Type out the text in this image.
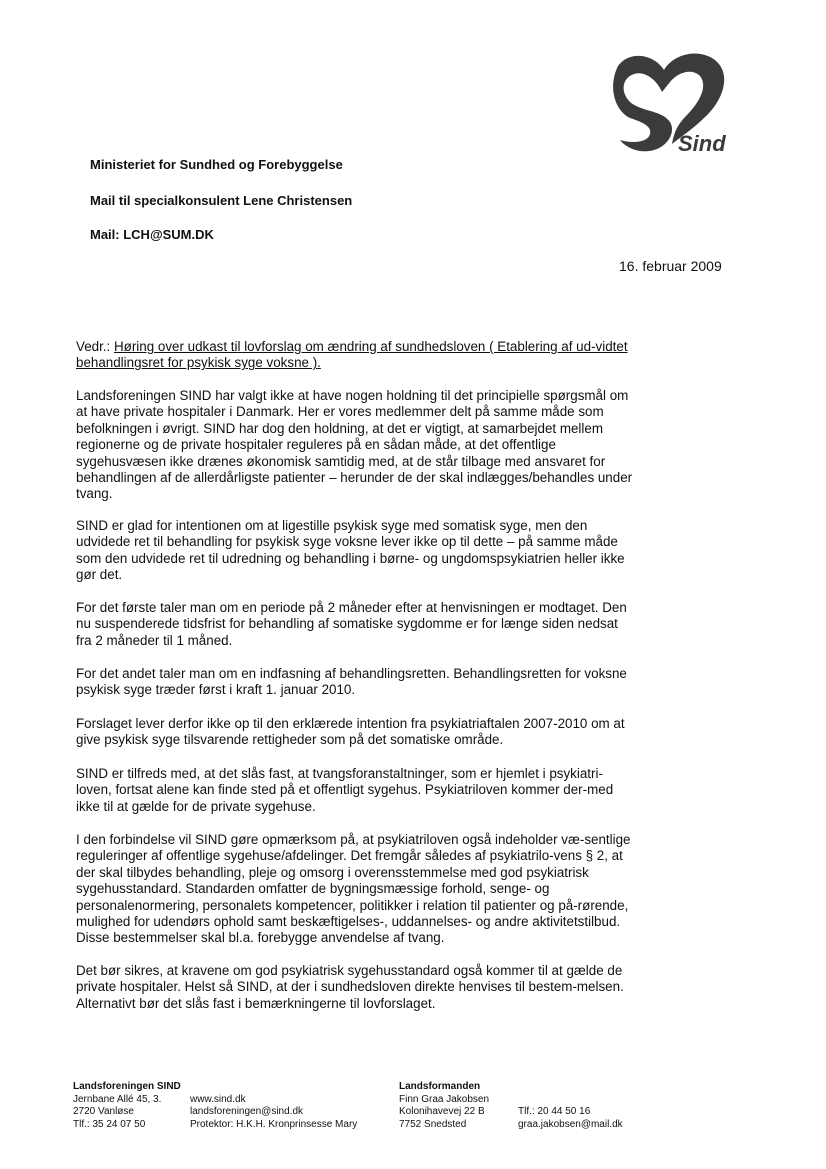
Sind
Ministeriet for Sundhed og Forebyggelse
Mail til specialkonsulent Lene Christensen
Mail: LCH@SUM.DK
16. februar 2009
Vedr.: Høring over udkast til lovforslag om ændring af sundhedsloven ( Etablering af ud-vidtet behandlingsret for psykisk syge voksne ).

Landsforeningen SIND har valgt ikke at have nogen holdning til det principielle spørgsmål om at have private hospitaler i Danmark. Her er vores medlemmer delt på samme måde som befolkningen i øvrigt. SIND har dog den holdning, at det er vigtigt, at samarbejdet mellem regionerne og de private hospitaler reguleres på en sådan måde, at det offentlige sygehusvæsen ikke drænes økonomisk samtidig med, at de står tilbage med ansvaret for behandlingen af de allerdårligste patienter – herunder de der skal indlægges/behandles under tvang.

SIND er glad for intentionen om at ligestille psykisk syge med somatisk syge, men den udvidede ret til behandling for psykisk syge voksne lever ikke op til dette – på samme måde som den udvidede ret til udredning og behandling i børne- og ungdomspsykiatrien heller ikke gør det.

For det første taler man om en periode på 2 måneder efter at henvisningen er modtaget. Den nu suspenderede tidsfrist for behandling af somatiske sygdomme er for længe siden nedsat fra 2 måneder til 1 måned.

For det andet taler man om en indfasning af behandlingsretten. Behandlingsretten for voksne psykisk syge træder først i kraft 1. januar 2010.

Forslaget lever derfor ikke op til den erklærede intention fra psykiatriaftalen 2007-2010 om at give psykisk syge tilsvarende rettigheder som på det somatiske område.

SIND er tilfreds med, at det slås fast, at tvangsforanstaltninger, som er hjemlet i psykiatri-loven, fortsat alene kan finde sted på et offentligt sygehus. Psykiatriloven kommer der-med ikke til at gælde for de private sygehuse.

I den forbindelse vil SIND gøre opmærksom på, at psykiatriloven også indeholder væ-sentlige reguleringer af offentlige sygehuse/afdelinger. Det fremgår således af psykiatrilo-vens § 2, at der skal tilbydes behandling, pleje og omsorg i overensstemmelse med god psykiatrisk sygehusstandard. Standarden omfatter de bygningsmæssige forhold, senge- og personalenormering, personalets kompetencer, politikker i relation til patienter og på-rørende, mulighed for udendørs ophold samt beskæftigelses-, uddannelses- og andre aktivitetstilbud. Disse bestemmelser skal bl.a. forebygge anvendelse af tvang.

Det bør sikres, at kravene om god psykiatrisk sygehusstandard også kommer til at gælde de private hospitaler. Helst så SIND, at der i sundhedsloven direkte henvises til bestem-melsen. Alternativt bør det slås fast i bemærkningerne til lovforslaget.

Landsforeningen SIND
Jernbane Allé 45, 3.
2720 Vanløse
Tlf.: 35 24 07 50
www.sind.dk
landsforeningen@sind.dk
Protektor: H.K.H. Kronprinsesse Mary
Landsformanden
Finn Graa Jakobsen
Kolonihavevej 22 B
7752 Snedsted
Tlf.: 20 44 50 16
graa.jakobsen@mail.dk
